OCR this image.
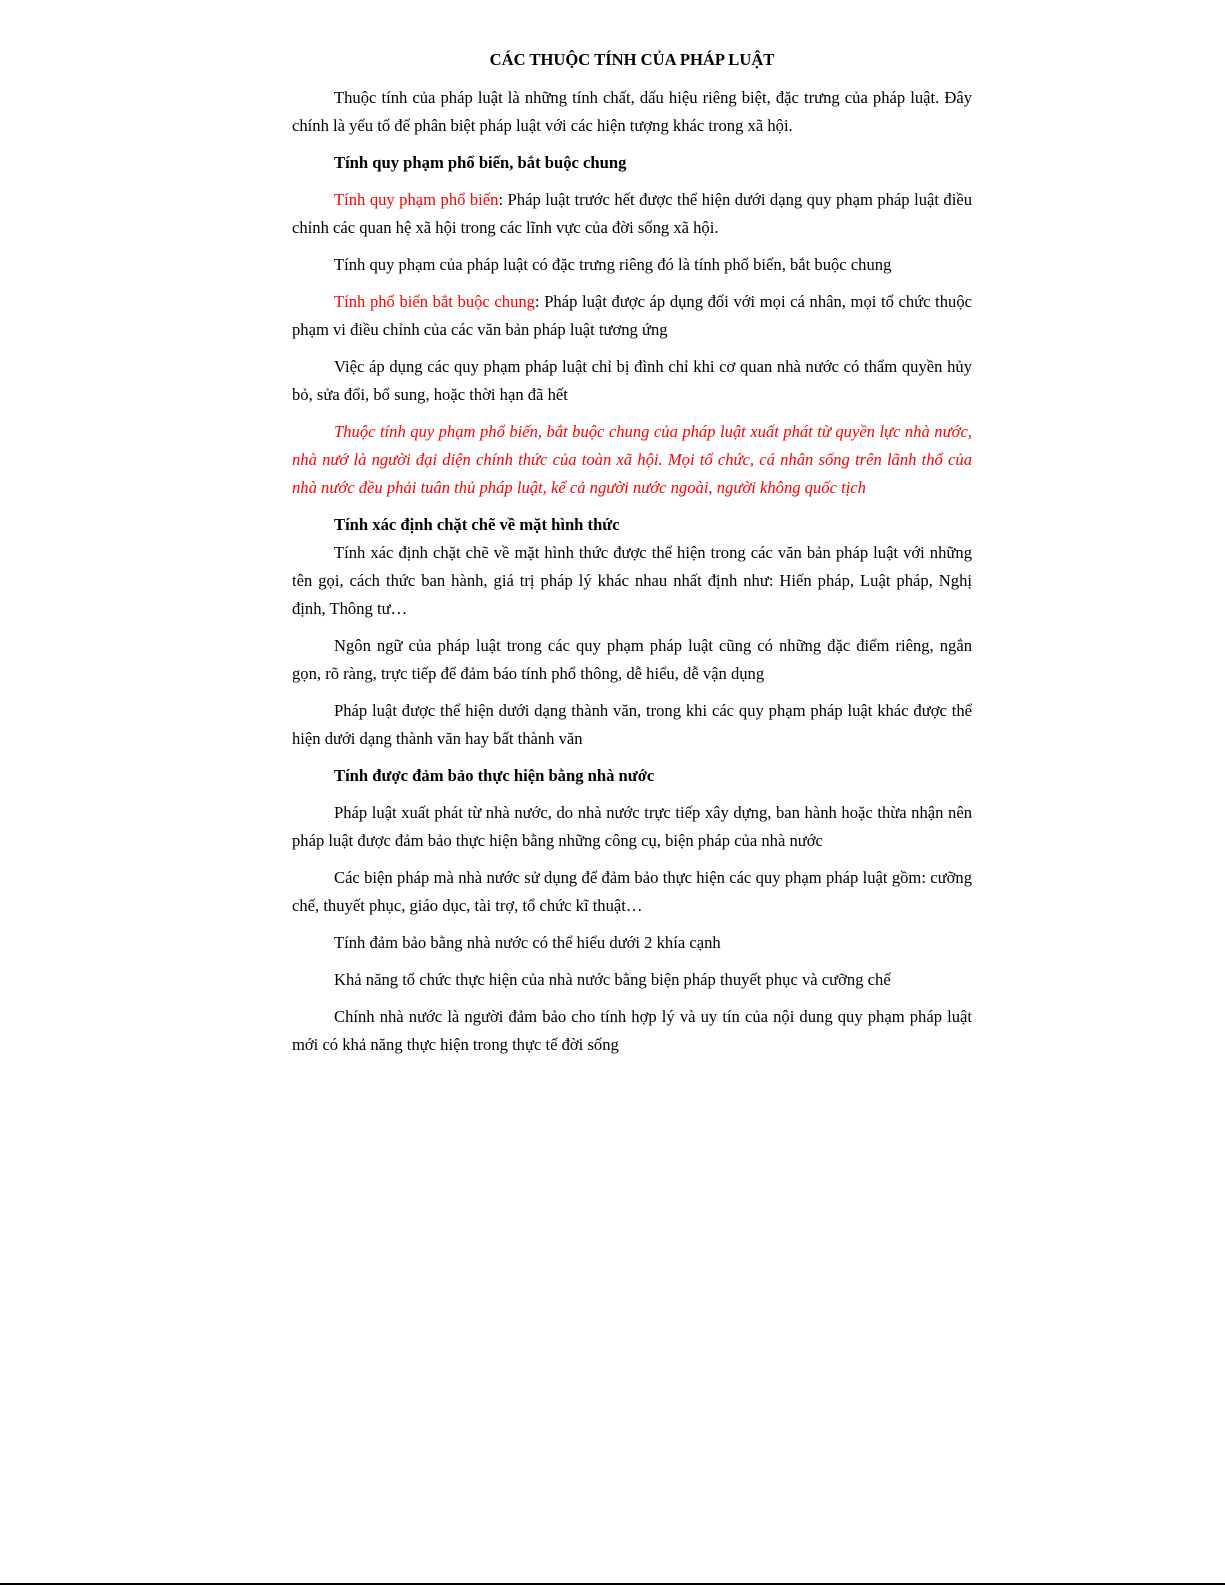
CÁC THUỘC TÍNH CỦA PHÁP LUẬT
Thuộc tính của pháp luật là những tính chất, dấu hiệu riêng biệt, đặc trưng của pháp luật. Đây chính là yếu tố để phân biệt pháp luật với các hiện tượng khác trong xã hội.
Tính quy phạm phổ biến, bắt buộc chung
Tính quy phạm phổ biến: Pháp luật trước hết được thể hiện dưới dạng quy phạm pháp luật điều chỉnh các quan hệ xã hội trong các lĩnh vực của đời sống xã hội.
Tính quy phạm của pháp luật có đặc trưng riêng đó là tính phổ biến, bắt buộc chung
Tính phổ biến bắt buộc chung: Pháp luật được áp dụng đối với mọi cá nhân, mọi tổ chức thuộc phạm vi điều chỉnh của các văn bản pháp luật tương ứng
Việc áp dụng các quy phạm pháp luật chỉ bị đình chỉ khi cơ quan nhà nước có thẩm quyền hủy bỏ, sửa đổi, bổ sung, hoặc thời hạn đã hết
Thuộc tính quy phạm phổ biến, bắt buộc chung của pháp luật xuất phát từ quyền lực nhà nước, nhà nướ là người đại diện chính thức của toàn xã hội. Mọi tổ chức, cá nhân sống trên lãnh thổ của nhà nước đều phải tuân thủ pháp luật, kể cả người nước ngoài, người không quốc tịch
Tính xác định chặt chẽ về mặt hình thức
Tính xác định chặt chẽ về mặt hình thức được thể hiện trong các văn bản pháp luật với những tên gọi, cách thức ban hành, giá trị pháp lý khác nhau nhất định như: Hiến pháp, Luật pháp, Nghị định, Thông tư…
Ngôn ngữ của pháp luật trong các quy phạm pháp luật cũng có những đặc điểm riêng, ngắn gọn, rõ ràng, trực tiếp để đảm báo tính phổ thông, dễ hiểu, dễ vận dụng
Pháp luật được thể hiện dưới dạng thành văn, trong khi các quy phạm pháp luật khác được thể hiện dưới dạng thành văn hay bất thành văn
Tính được đảm bảo thực hiện bằng nhà nước
Pháp luật xuất phát từ nhà nước, do nhà nước trực tiếp xây dựng, ban hành hoặc thừa nhận nên pháp luật được đảm bảo thực hiện bằng những công cụ, biện pháp của nhà nước
Các biện pháp mà nhà nước sử dụng để đảm bảo thực hiện các quy phạm pháp luật gồm: cưỡng chế, thuyết phục, giáo dục, tài trợ, tổ chức kĩ thuật…
Tính đảm bảo bằng nhà nước có thể hiểu dưới 2 khía cạnh
Khả năng tổ chức thực hiện của nhà nước bằng biện pháp thuyết phục và cưỡng chế
Chính nhà nước là người đảm bảo cho tính hợp lý và uy tín của nội dung quy phạm pháp luật mới có khả năng thực hiện trong thực tế đời sống
